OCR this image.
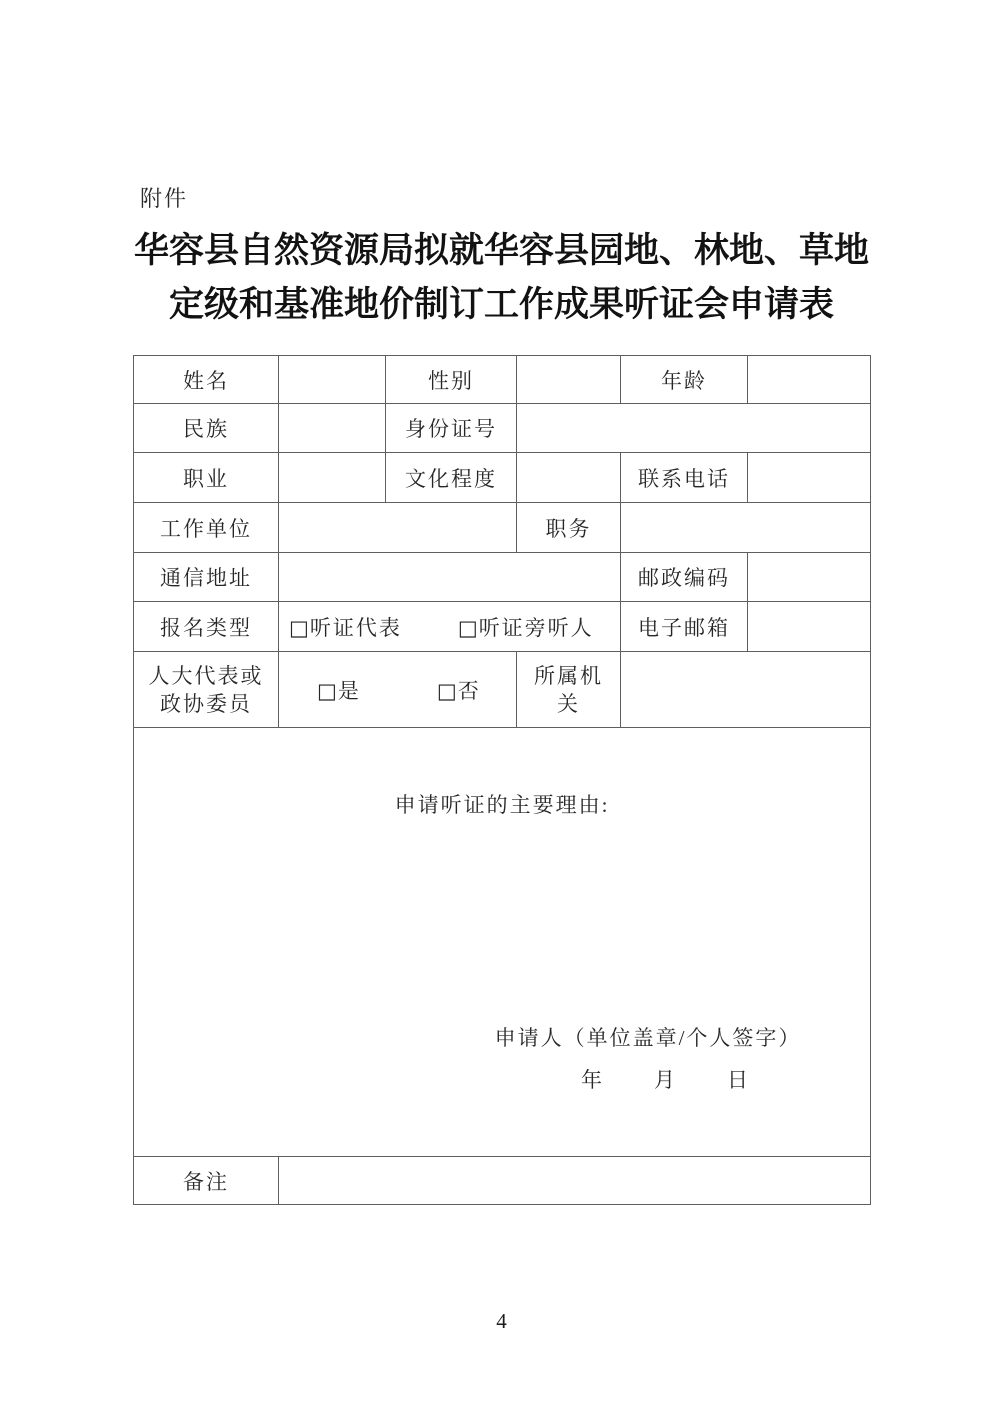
附件
华容县自然资源局拟就华容县园地、林地、草地
定级和基准地价制订工作成果听证会申请表
姓名		性别		年龄	
民族		身份证号			
职业		文化程度		联系电话	
工作单位			职务		
通信地址				邮政编码	
报名类型	□听证代表 □听证旁听人			电子邮箱	
人大代表或
政协委员	□是 □否		所属机
关		

申请听证的主要理由:
申请人（单位盖章/个人签字）
年 月 日					

备注					
4
